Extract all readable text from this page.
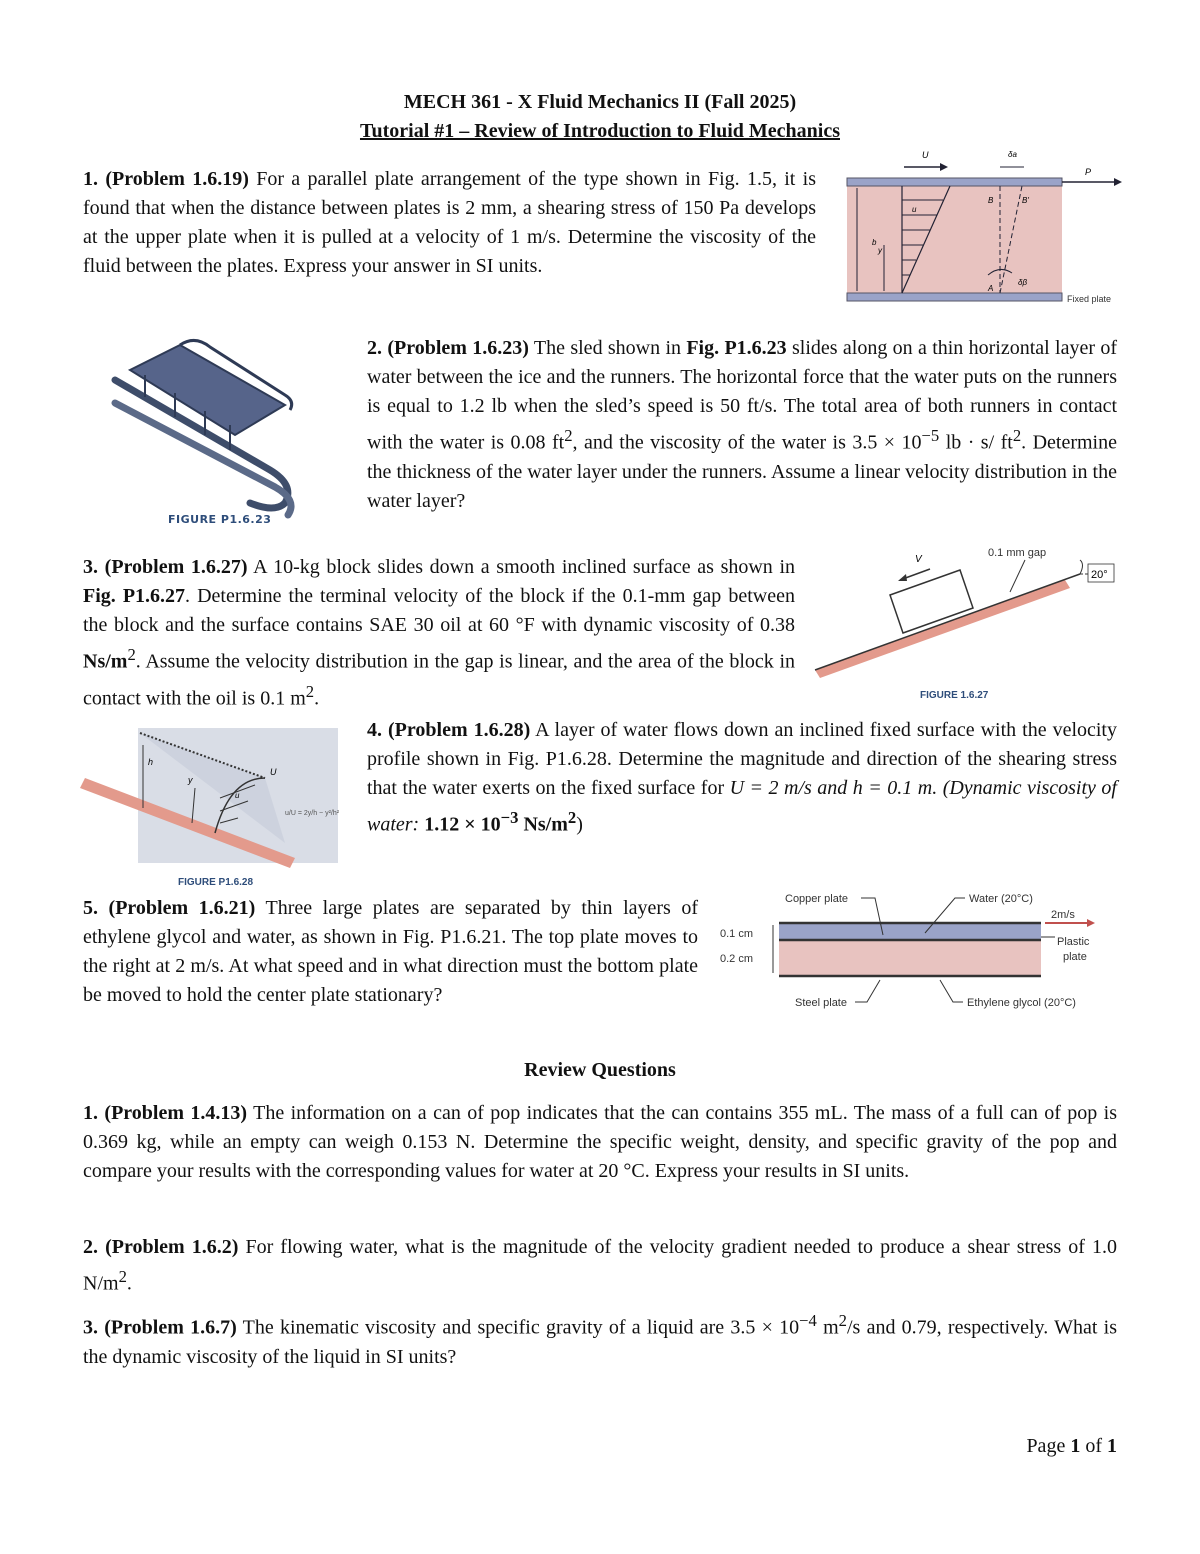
MECH 361 - X Fluid Mechanics II (Fall 2025)

Tutorial #1 – Review of Introduction to Fluid Mechanics

1. (Problem 1.6.19) For a parallel plate arrangement of the type shown in Fig. 1.5, it is found that when the distance between plates is 2 mm, a shearing stress of 150 Pa develops at the upper plate when it is pulled at a velocity of 1 m/s. Determine the viscosity of the fluid between the plates. Express your answer in SI units.

P
U	δa
b
y
u
B	B'
A
δβ
Fixed plate
FIGURE P1.6.23

2. (Problem 1.6.23) The sled shown in Fig. P1.6.23 slides along on a thin horizontal layer of water between the ice and the runners. The horizontal force that the water puts on the runners is equal to 1.2 lb when the sled’s speed is 50 ft/s. The total area of both runners in contact with the water is 0.08 $ft^2$, and the viscosity of the water is $3.5 \times 10^{-5}$ lb · s/ $ft^2$. Determine the thickness of the water layer under the runners. Assume a linear velocity distribution in the water layer?

3. (Problem 1.6.27) A 10-kg block slides down a smooth inclined surface as shown in Fig. P1.6.27. Determine the terminal velocity of the block if the 0.1-mm gap between the block and the surface contains SAE 30 oil at 60 °F with dynamic viscosity of 0.38 $Ns/m^2$. Assume the velocity distribution in the gap is linear, and the area of the block in contact with the oil is 0.1 $m^2$.

V
0.1 mm gap
20°
FIGURE 1.6.27
h
y
u
U
u/U = 2y/h − y²/h²
FIGURE P1.6.28

4. (Problem 1.6.28) A layer of water flows down an inclined fixed surface with the velocity profile shown in Fig. P1.6.28. Determine the magnitude and direction of the shearing stress that the water exerts on the fixed surface for U = 2 m/s and h = 0.1 m. (Dynamic viscosity of water: $1.12 \times 10^{-3}$ $Ns/m^2$)

5. (Problem 1.6.21) Three large plates are separated by thin layers of ethylene glycol and water, as shown in Fig. P1.6.21. The top plate moves to the right at 2 m/s. At what speed and in what direction must the bottom plate be moved to hold the center plate stationary?

Copper plate	Water (20°C)
2m/s
Plastic
plate
0.1 cm
0.2 cm
Steel plate	Ethylene glycol (20°C)

Review Questions

1. (Problem 1.4.13) The information on a can of pop indicates that the can contains 355 mL. The mass of a full can of pop is 0.369 kg, while an empty can weigh 0.153 N. Determine the specific weight, density, and specific gravity of the pop and compare your results with the corresponding values for water at 20 °C. Express your results in SI units.

2. (Problem 1.6.2) For flowing water, what is the magnitude of the velocity gradient needed to produce a shear stress of 1.0 $N/m^2$.

3. (Problem 1.6.7) The kinematic viscosity and specific gravity of a liquid are $3.5 \times 10^{-4}$ $m^2/s$ and 0.79, respectively. What is the dynamic viscosity of the liquid in SI units?

Page 1 of 1
